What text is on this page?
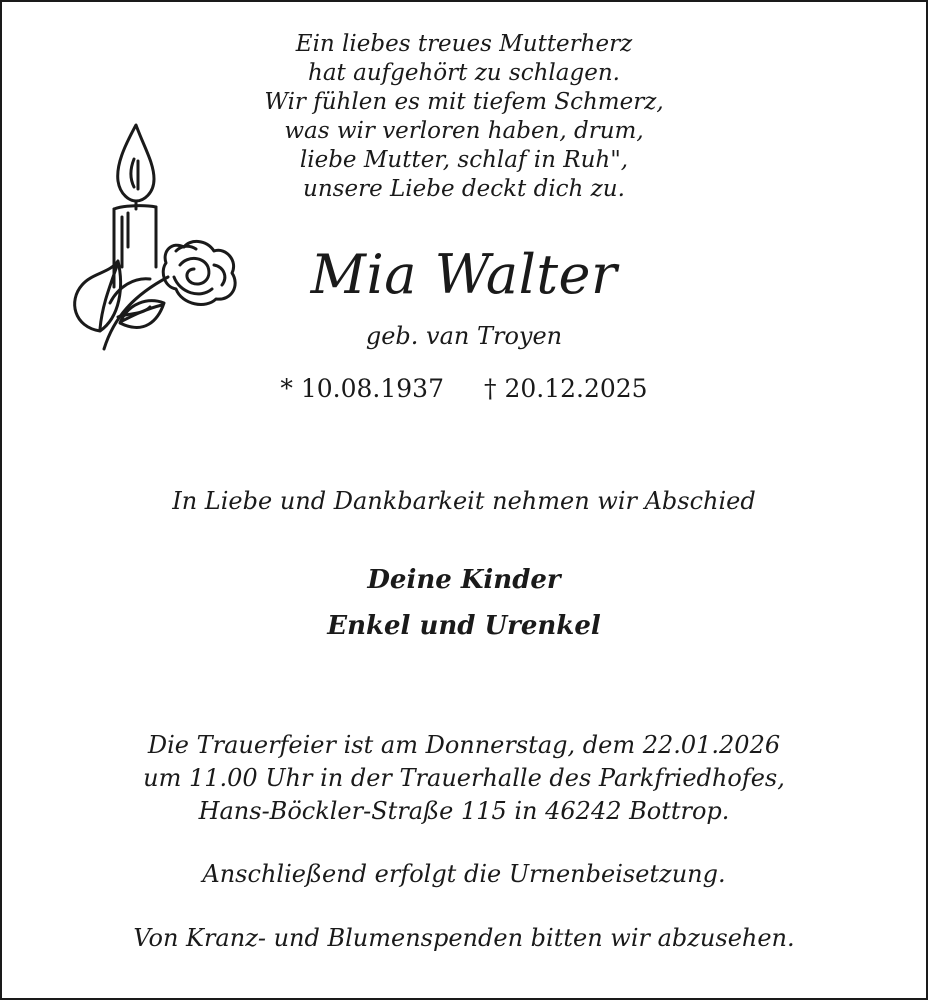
Ein liebes treues Mutterherz
hat aufgehört zu schlagen.
Wir fühlen es mit tiefem Schmerz,
was wir verloren haben, drum,
liebe Mutter, schlaf in Ruh",
unsere Liebe deckt dich zu.
Mia Walter
geb. van Troyen
* 10.08.1937 † 20.12.2025
In Liebe und Dankbarkeit nehmen wir Abschied
Deine Kinder
Enkel und Urenkel
Die Trauerfeier ist am Donnerstag, dem 22.01.2026
um 11.00 Uhr in der Trauerhalle des Parkfriedhofes,
Hans-Böckler-Straße 115 in 46242 Bottrop.
Anschließend erfolgt die Urnenbeisetzung.
Von Kranz- und Blumenspenden bitten wir abzusehen.
